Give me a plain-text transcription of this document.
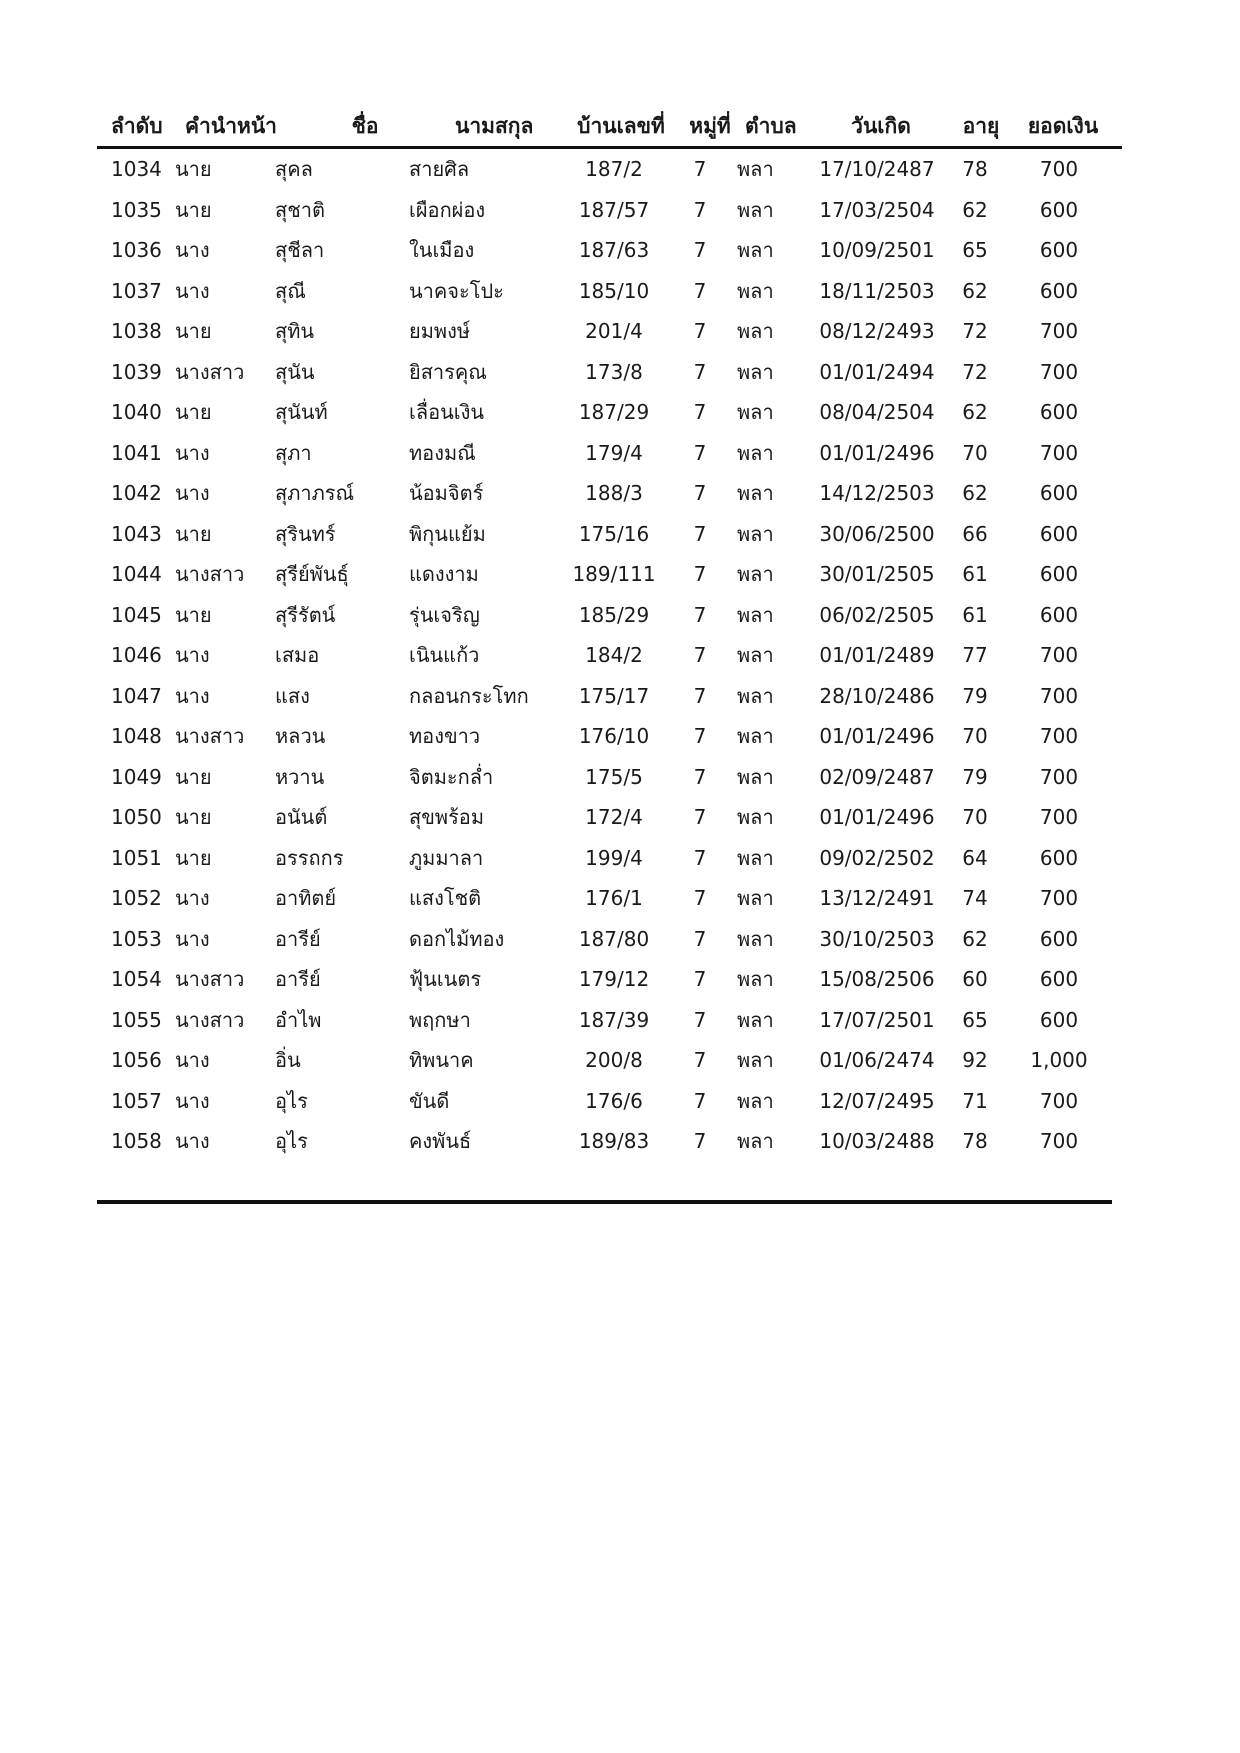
ลำดับ	คำนำหน้า	ชื่อ	นามสกุล	บ้านเลขที่	หมู่ที่ ตำบล	วันเกิด	อายุ	ยอดเงิน
1034 นาย	สุคล	สายศิล	187/2	7	พลา	17/10/2487	78	700
1035 นาย	สุชาติ	เผือกผ่อง	187/57	7	พลา	17/03/2504	62	600
1036 นาง	สุชีลา	ในเมือง	187/63	7	พลา	10/09/2501	65	600
1037 นาง	สุณี	นาคจะโปะ	185/10	7	พลา	18/11/2503	62	600
1038 นาย	สุทิน	ยมพงษ์	201/4	7	พลา	08/12/2493	72	700
1039 นางสาว	สุนัน	ยิสารคุณ	173/8	7	พลา	01/01/2494	72	700
1040 นาย	สุนันท์	เลื่อนเงิน	187/29	7	พลา	08/04/2504	62	600
1041 นาง	สุภา	ทองมณี	179/4	7	พลา	01/01/2496	70	700
1042 นาง	สุภาภรณ์	น้อมจิตร์	188/3	7	พลา	14/12/2503	62	600
1043 นาย	สุรินทร์	พิกุนแย้ม	175/16	7	พลา	30/06/2500	66	600
1044 นางสาว	สุรีย์พันธุ์	แดงงาม	189/111	7	พลา	30/01/2505	61	600
1045 นาย	สุรีรัตน์	รุ่นเจริญ	185/29	7	พลา	06/02/2505	61	600
1046 นาง	เสมอ	เนินแก้ว	184/2	7	พลา	01/01/2489	77	700
1047 นาง	แสง	กลอนกระโทก	175/17	7	พลา	28/10/2486	79	700
1048 นางสาว	หลวน	ทองขาว	176/10	7	พลา	01/01/2496	70	700
1049 นาย	หวาน	จิตมะกล่ำ	175/5	7	พลา	02/09/2487	79	700
1050 นาย	อนันต์	สุขพร้อม	172/4	7	พลา	01/01/2496	70	700
1051 นาย	อรรถกร	ภูมมาลา	199/4	7	พลา	09/02/2502	64	600
1052 นาง	อาทิตย์	แสงโชติ	176/1	7	พลา	13/12/2491	74	700
1053 นาง	อารีย์	ดอกไม้ทอง	187/80	7	พลา	30/10/2503	62	600
1054 นางสาว	อารีย์	ฟุ้นเนตร	179/12	7	พลา	15/08/2506	60	600
1055 นางสาว	อำไพ	พฤกษา	187/39	7	พลา	17/07/2501	65	600
1056 นาง	อิ่น	ทิพนาค	200/8	7	พลา	01/06/2474	92	1,000
1057 นาง	อุไร	ขันดี	176/6	7	พลา	12/07/2495	71	700
1058 นาง	อุไร	คงพันธ์	189/83	7	พลา	10/03/2488	78	700
